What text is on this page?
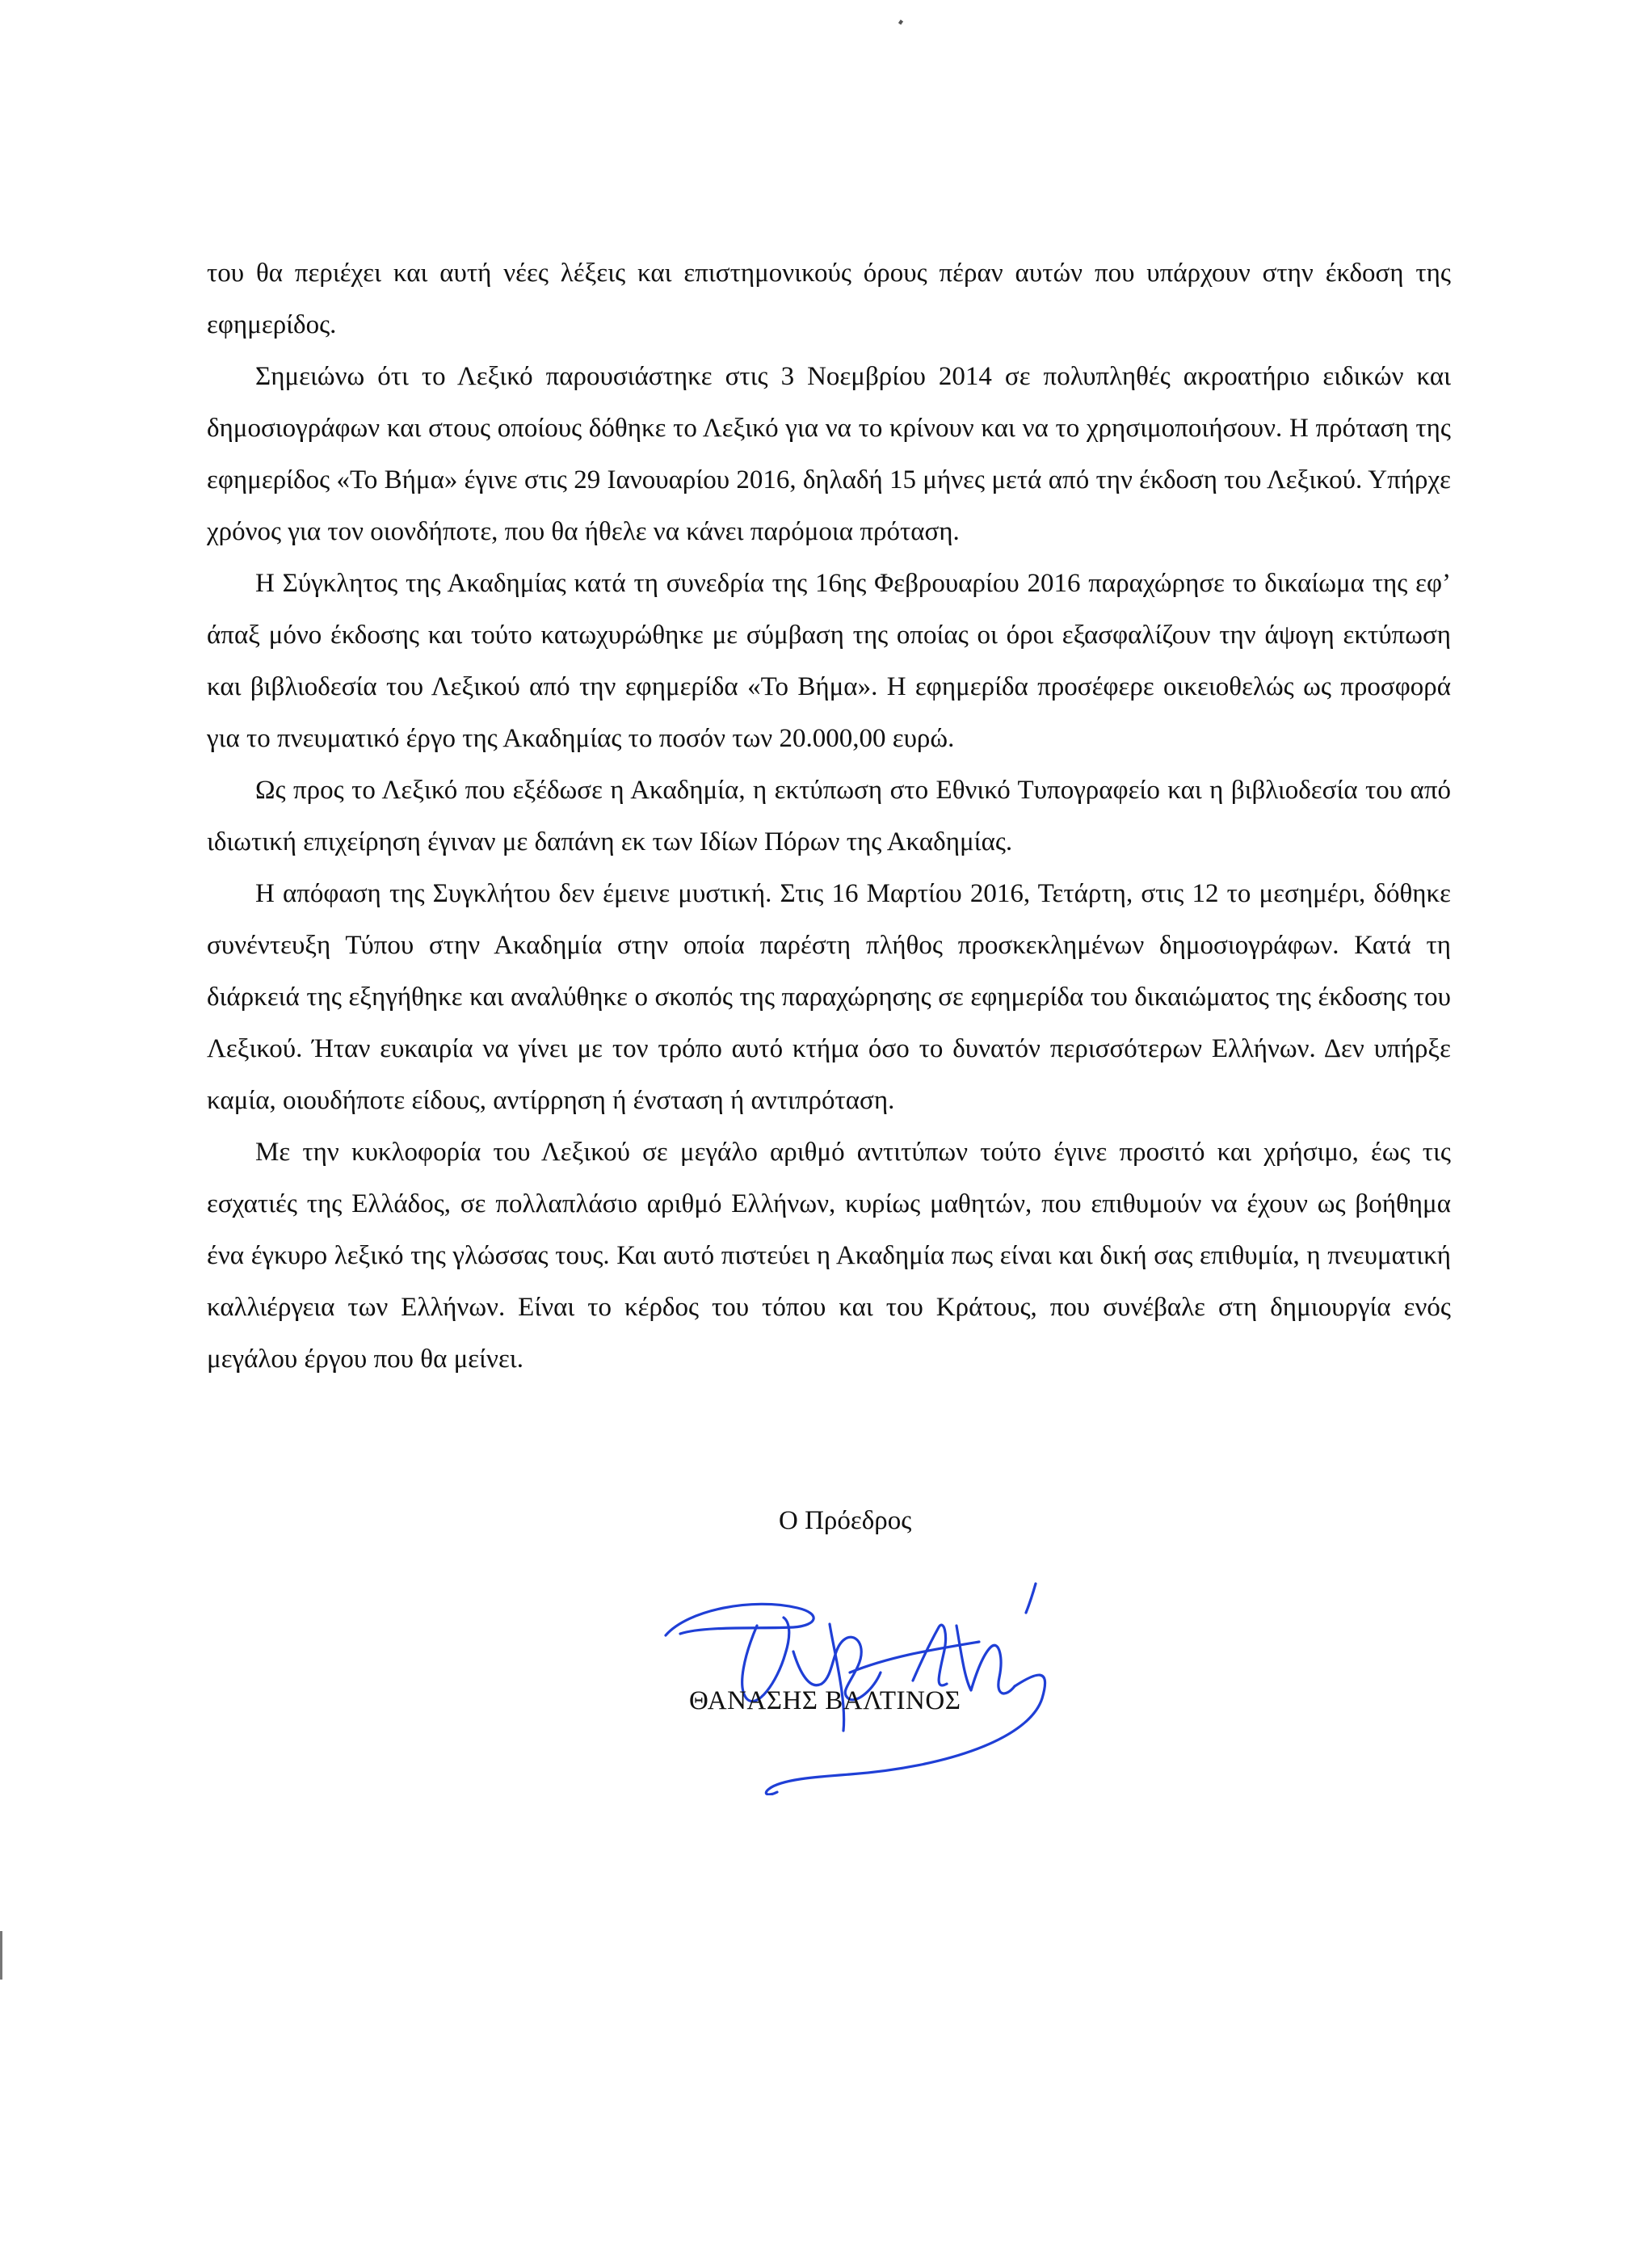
του θα περιέχει και αυτή νέες λέξεις και επιστημονικούς όρους πέραν αυτών που υπάρχουν στην έκδοση της εφημερίδος.

Σημειώνω ότι το Λεξικό παρουσιάστηκε στις 3 Νοεμβρίου 2014 σε πολυπληθές ακροατήριο ειδικών και δημοσιογράφων και στους οποίους δόθηκε το Λεξικό για να το κρίνουν και να το χρησιμοποιήσουν. Η πρόταση της εφημερίδος «Το Βήμα» έγινε στις 29 Ιανουαρίου 2016, δηλαδή 15 μήνες μετά από την έκδοση του Λεξικού. Υπήρχε χρόνος για τον οιονδήποτε, που θα ήθελε να κάνει παρόμοια πρόταση.

Η Σύγκλητος της Ακαδημίας κατά τη συνεδρία της 16ης Φεβρουαρίου 2016 παραχώρησε το δικαίωμα της εφ’ άπαξ μόνο έκδοσης και τούτο κατωχυρώθηκε με σύμβαση της οποίας οι όροι εξασφαλίζουν την άψογη εκτύπωση και βιβλιοδεσία του Λεξικού από την εφημερίδα «Το Βήμα». Η εφημερίδα προσέφερε οικειοθελώς ως προσφορά για το πνευματικό έργο της Ακαδημίας το ποσόν των 20.000,00 ευρώ.

Ως προς το Λεξικό που εξέδωσε η Ακαδημία, η εκτύπωση στο Εθνικό Τυπογραφείο και η βιβλιοδεσία του από ιδιωτική επιχείρηση έγιναν με δαπάνη εκ των Ιδίων Πόρων της Ακαδημίας.

Η απόφαση της Συγκλήτου δεν έμεινε μυστική. Στις 16 Μαρτίου 2016, Τετάρτη, στις 12 το μεσημέρι, δόθηκε συνέντευξη Τύπου στην Ακαδημία στην οποία παρέστη πλήθος προσκεκλημένων δημοσιογράφων. Κατά τη διάρκειά της εξηγήθηκε και αναλύθηκε ο σκοπός της παραχώρησης σε εφημερίδα του δικαιώματος της έκδοσης του Λεξικού. Ήταν ευκαιρία να γίνει με τον τρόπο αυτό κτήμα όσο το δυνατόν περισσότερων Ελλήνων. Δεν υπήρξε καμία, οιουδήποτε είδους, αντίρρηση ή ένσταση ή αντιπρόταση.

Με την κυκλοφορία του Λεξικού σε μεγάλο αριθμό αντιτύπων τούτο έγινε προσιτό και χρήσιμο, έως τις εσχατιές της Ελλάδος, σε πολλαπλάσιο αριθμό Ελλήνων, κυρίως μαθητών, που επιθυμούν να έχουν ως βοήθημα ένα έγκυρο λεξικό της γλώσσας τους. Και αυτό πιστεύει η Ακαδημία πως είναι και δική σας επιθυμία, η πνευματική καλλιέργεια των Ελλήνων. Είναι το κέρδος του τόπου και του Κράτους, που συνέβαλε στη δημιουργία ενός μεγάλου έργου που θα μείνει.

Ο Πρόεδρος
ΘΑΝΑΣΗΣ ΒΑΛΤΙΝΟΣ
